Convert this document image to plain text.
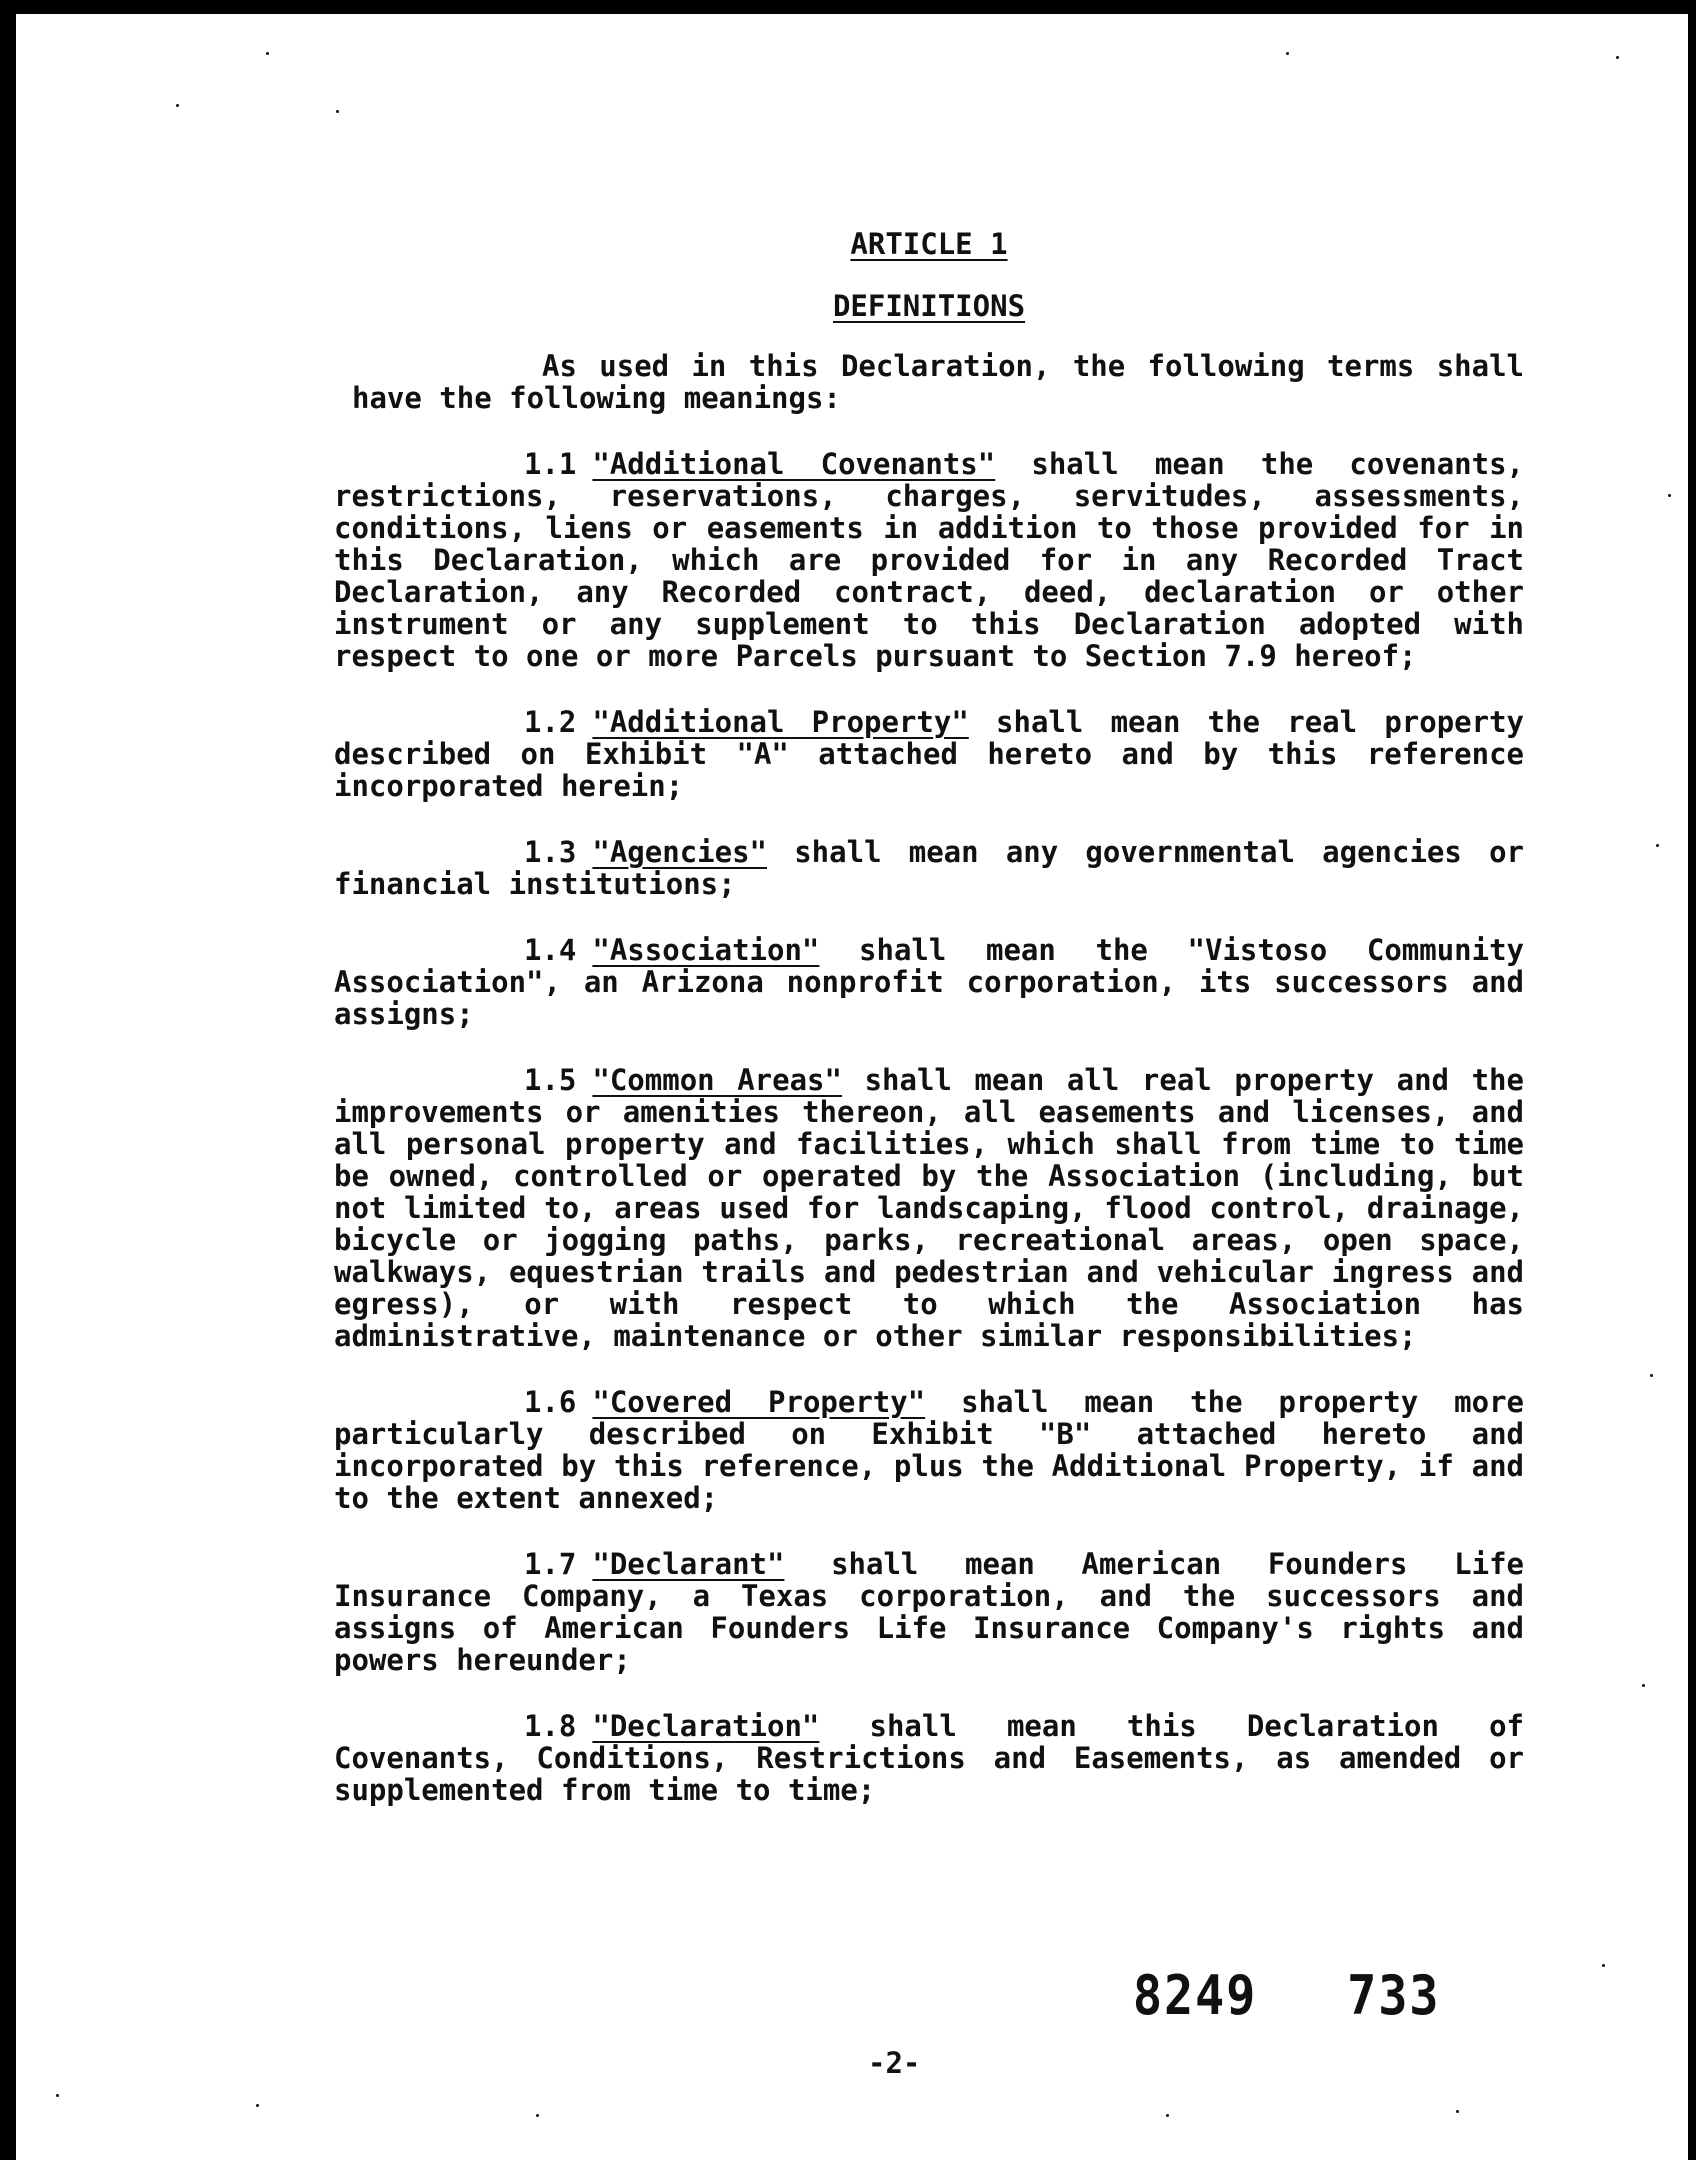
ARTICLE 1

DEFINITIONS

As used in this Declaration, the following terms shall have the following meanings:

1.1 "Additional Covenants" shall mean the covenants, restrictions, reservations, charges, servitudes, assessments, conditions, liens or easements in addition to those provided for in this Declaration, which are provided for in any Recorded Tract Declaration, any Recorded contract, deed, declaration or other instrument or any supplement to this Declaration adopted with respect to one or more Parcels pursuant to Section 7.9 hereof;

1.2 "Additional Property" shall mean the real property described on Exhibit "A" attached hereto and by this reference incorporated herein;

1.3 "Agencies" shall mean any governmental agencies or financial institutions;

1.4 "Association" shall mean the "Vistoso Community Association", an Arizona nonprofit corporation, its successors and assigns;

1.5 "Common Areas" shall mean all real property and the improvements or amenities thereon, all easements and licenses, and all personal property and facilities, which shall from time to time be owned, controlled or operated by the Association (including, but not limited to, areas used for landscaping, flood control, drainage, bicycle or jogging paths, parks, recreational areas, open space, walkways, equestrian trails and pedestrian and vehicular ingress and egress), or with respect to which the Association has administrative, maintenance or other similar responsibilities;

1.6 "Covered Property" shall mean the property more particularly described on Exhibit "B" attached hereto and incorporated by this reference, plus the Additional Property, if and to the extent annexed;

1.7 "Declarant" shall mean American Founders Life Insurance Company, a Texas corporation, and the successors and assigns of American Founders Life Insurance Company's rights and powers hereunder;

1.8 "Declaration" shall mean this Declaration of Covenants, Conditions, Restrictions and Easements, as amended or supplemented from time to time;

8249 733
-2-
